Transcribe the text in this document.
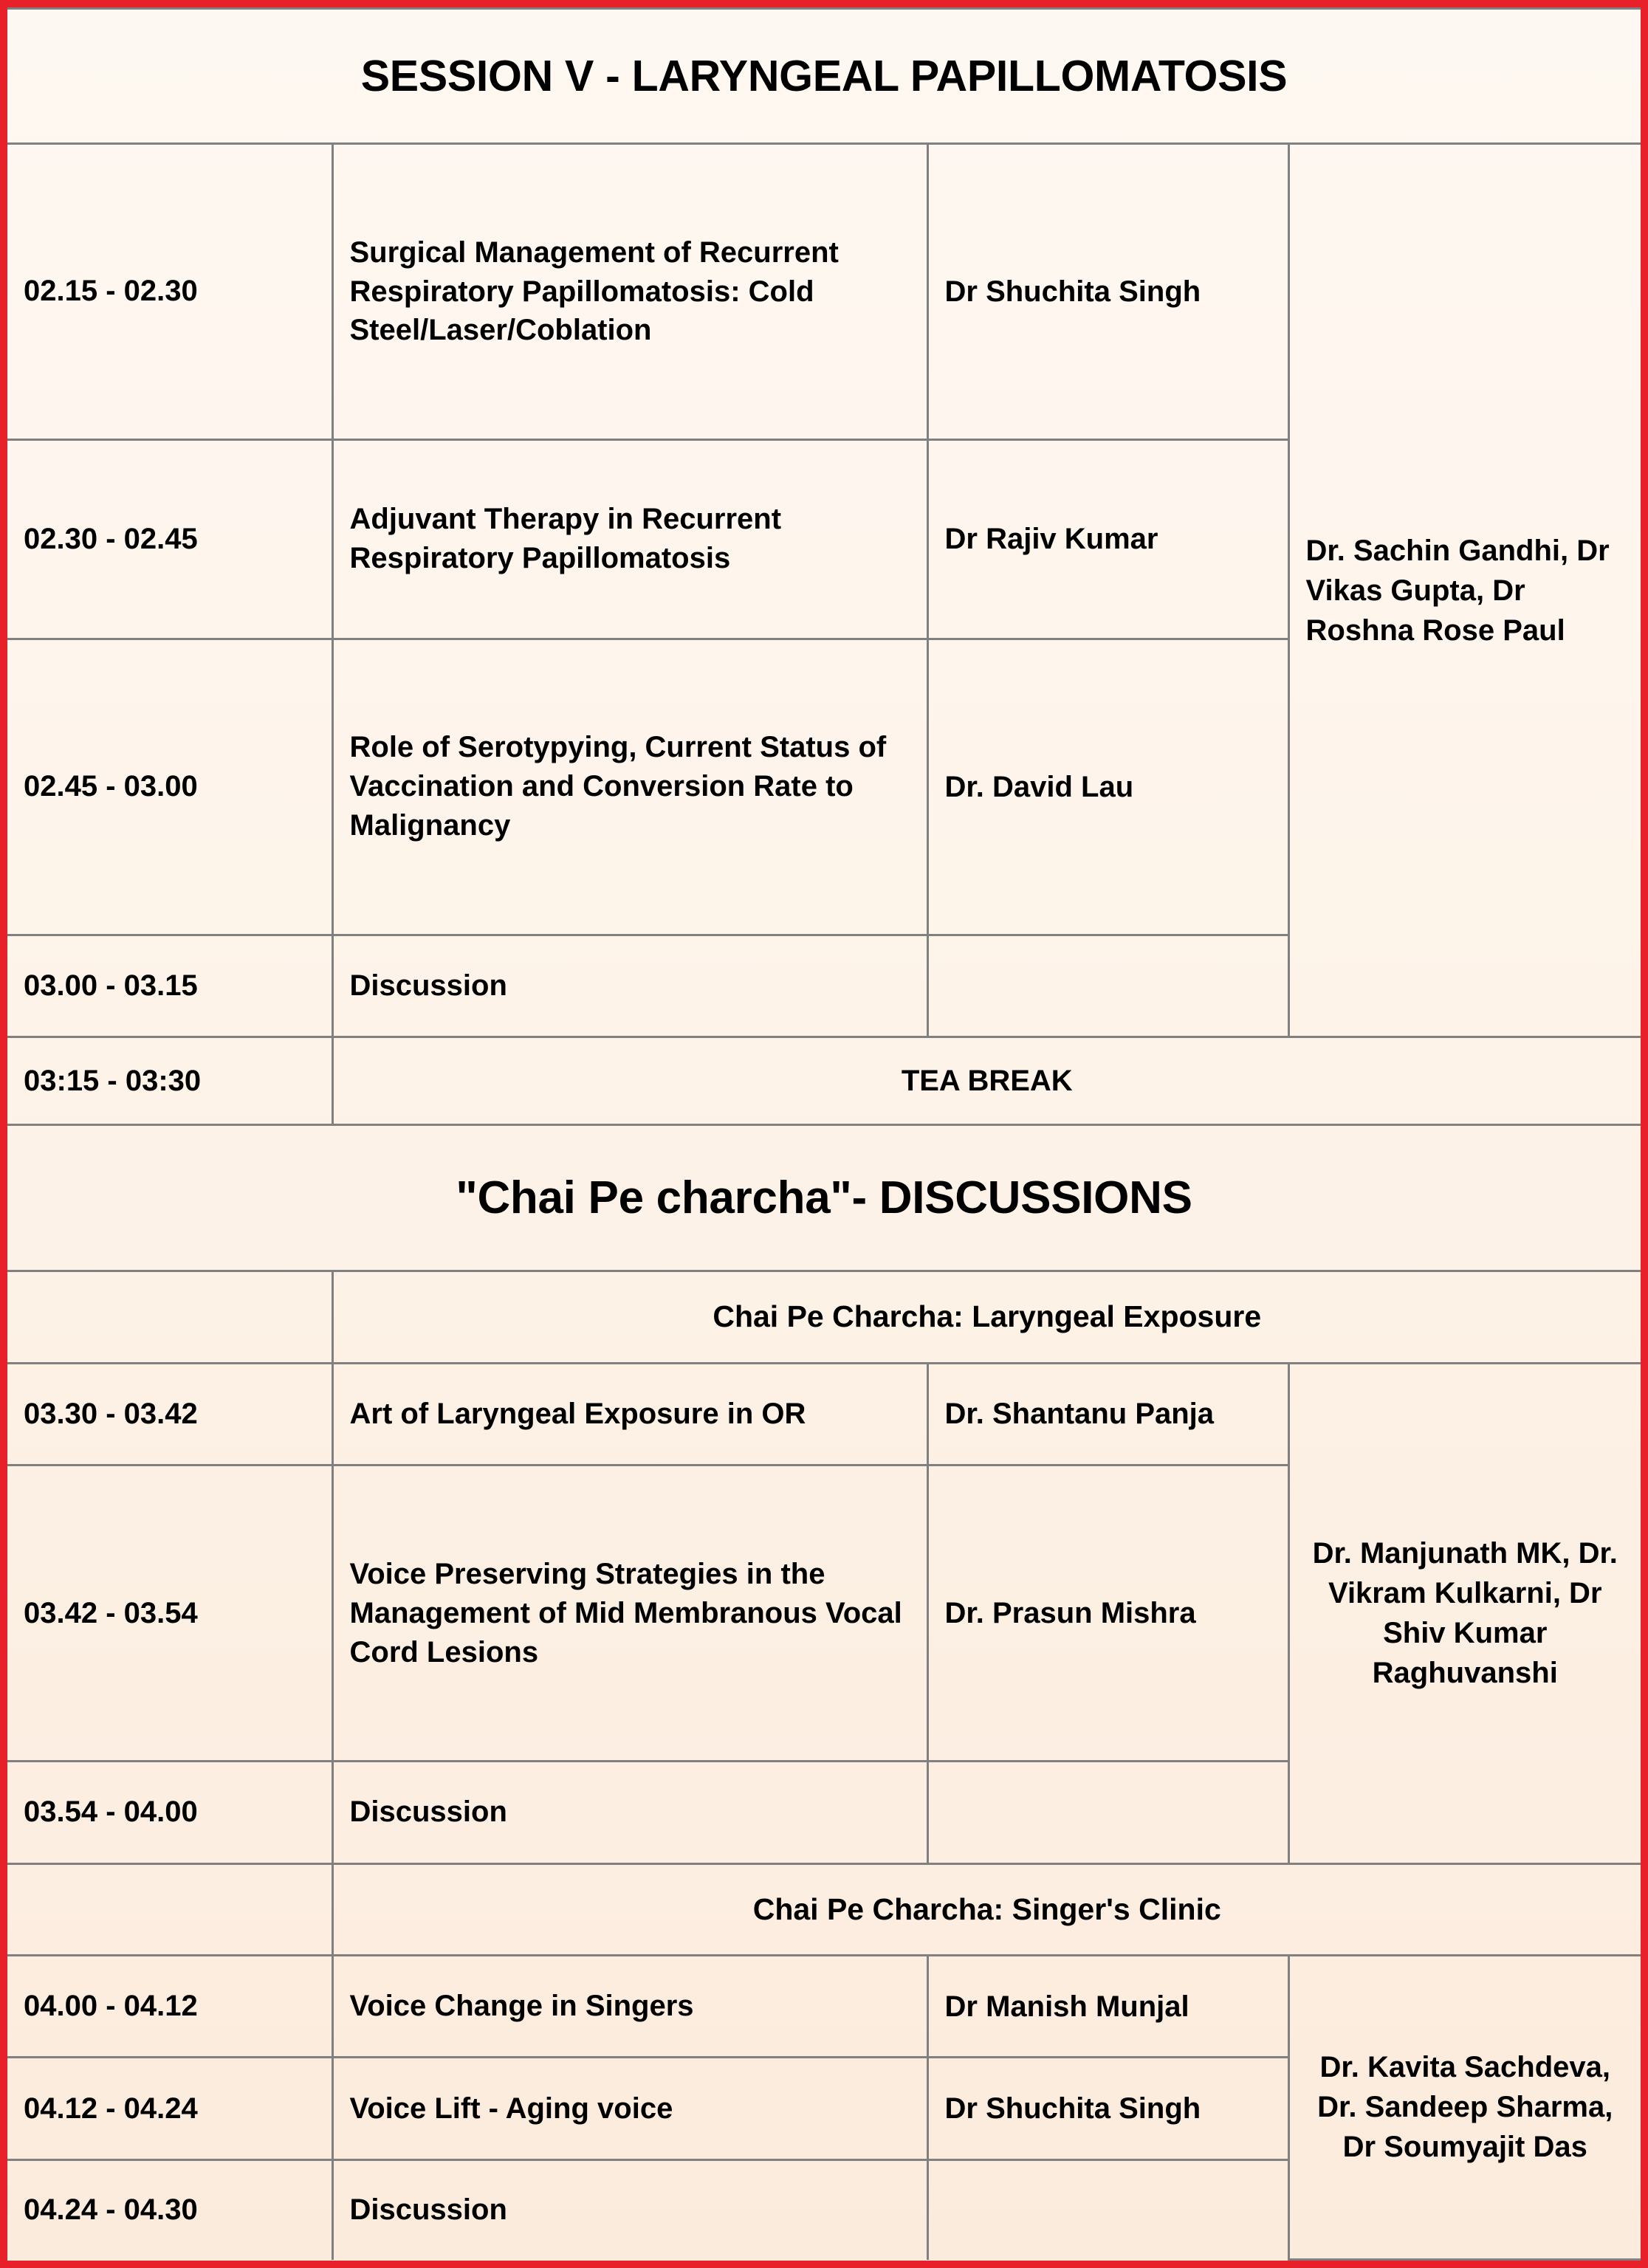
SESSION V - LARYNGEAL PAPILLOMATOSIS			
02.15 - 02.30	Surgical Management of Recurrent Respiratory Papillomatosis: Cold Steel/Laser/Coblation	Dr Shuchita Singh	Dr. Sachin Gandhi, Dr Vikas Gupta, Dr Roshna Rose Paul
02.30 - 02.45	Adjuvant Therapy in Recurrent Respiratory Papillomatosis	Dr Rajiv Kumar	
02.45 - 03.00	Role of Serotypying, Current Status of Vaccination and Conversion Rate to Malignancy	Dr. David Lau	
03.00 - 03.15	Discussion		
03:15 - 03:30	TEA BREAK		
"Chai Pe charcha"- DISCUSSIONS			
	Chai Pe Charcha: Laryngeal Exposure		
03.30 - 03.42	Art of Laryngeal Exposure in OR	Dr. Shantanu Panja	Dr. Manjunath MK, Dr. Vikram Kulkarni, Dr Shiv Kumar Raghuvanshi
03.42 - 03.54	Voice Preserving Strategies in the Management of Mid Membranous Vocal Cord Lesions	Dr. Prasun Mishra	
03.54 - 04.00	Discussion		
	Chai Pe Charcha: Singer's Clinic		
04.00 - 04.12	Voice Change in Singers	Dr Manish Munjal	Dr. Kavita Sachdeva, Dr. Sandeep Sharma, Dr Soumyajit Das
04.12 - 04.24	Voice Lift - Aging voice	Dr Shuchita Singh	
04.24 - 04.30	Discussion		
